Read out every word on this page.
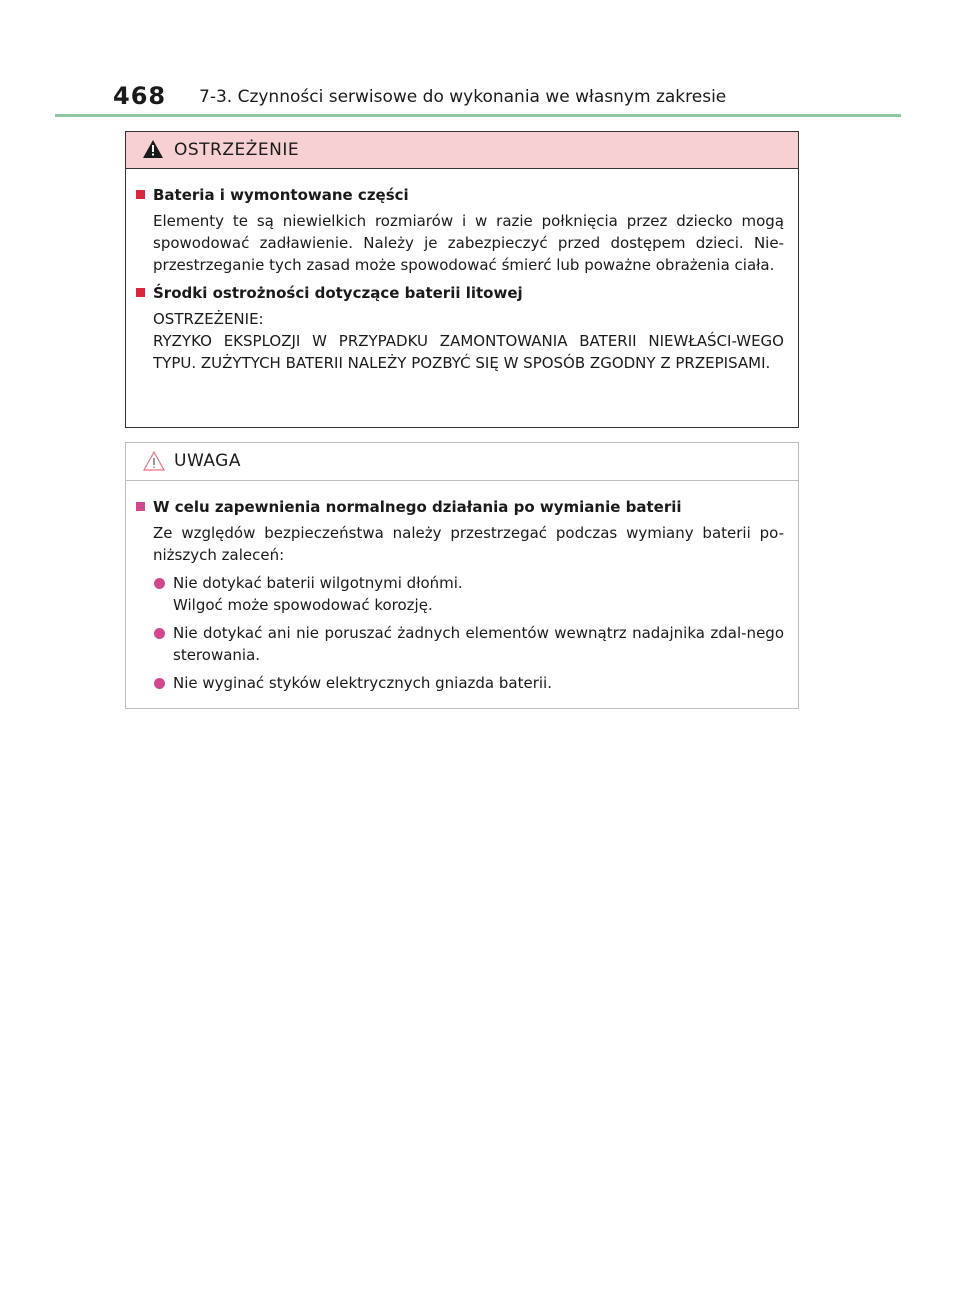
468 7-3. Czynności serwisowe do wykonania we własnym zakresie
OSTRZEŻENIE
Bateria i wymontowane części
Elementy te są niewielkich rozmiarów i w razie połknięcia przez dziecko mogą spowodować zadławienie. Należy je zabezpieczyć przed dostępem dzieci. Nie-przestrzeganie tych zasad może spowodować śmierć lub poważne obrażenia ciała.
Środki ostrożności dotyczące baterii litowej
OSTRZEŻENIE:
RYZYKO EKSPLOZJI W PRZYPADKU ZAMONTOWANIA BATERII NIEWŁAŚCI-WEGO TYPU. ZUŻYTYCH BATERII NALEŻY POZBYĆ SIĘ W SPOSÓB ZGODNY Z PRZEPISAMI.
UWAGA
W celu zapewnienia normalnego działania po wymianie baterii
Ze względów bezpieczeństwa należy przestrzegać podczas wymiany baterii po-niższych zaleceń:
Nie dotykać baterii wilgotnymi dłońmi.
Wilgoć może spowodować korozję.
Nie dotykać ani nie poruszać żadnych elementów wewnątrz nadajnika zdal-nego sterowania.
Nie wyginać styków elektrycznych gniazda baterii.
